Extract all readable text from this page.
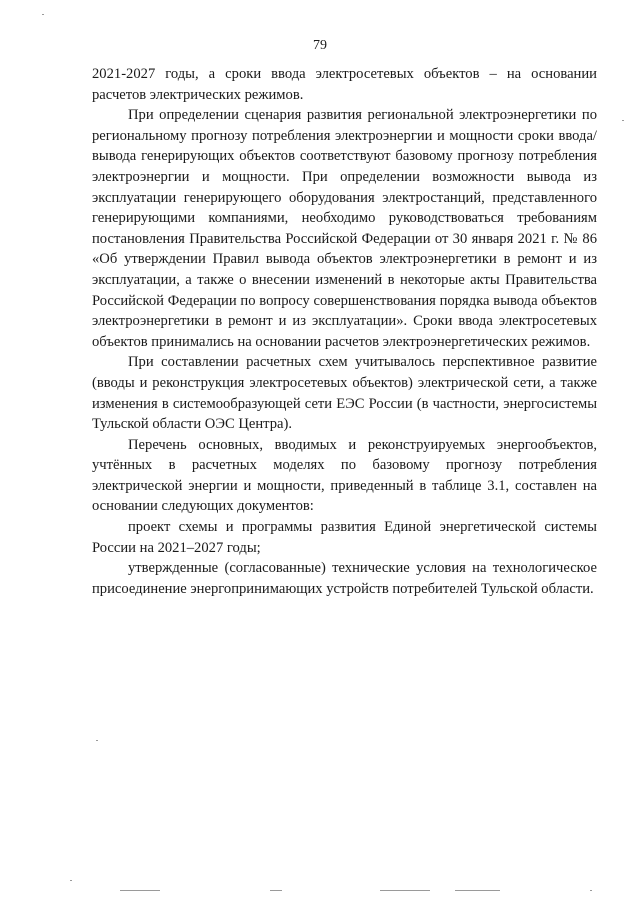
79

2021-2027 годы, а сроки ввода электросетевых объектов – на основании расчетов электрических режимов.

При определении сценария развития региональной электроэнергетики по региональному прогнозу потребления электроэнергии и мощности сроки ввода/вывода генерирующих объектов соответствуют базовому прогнозу потребления электроэнергии и мощности. При определении возможности вывода из эксплуатации генерирующего оборудования электростанций, представленного генерирующими компаниями, необходимо руководствоваться требованиям постановления Правительства Российской Федерации от 30 января 2021 г. № 86 «Об утверждении Правил вывода объектов электроэнергетики в ремонт и из эксплуатации, а также о внесении изменений в некоторые акты Правительства Российской Федерации по вопросу совершенствования порядка вывода объектов электроэнергетики в ремонт и из эксплуатации». Сроки ввода электросетевых объектов принимались на основании расчетов электроэнергетических режимов.

При составлении расчетных схем учитывалось перспективное развитие (вводы и реконструкция электросетевых объектов) электрической сети, а также изменения в системообразующей сети ЕЭС России (в частности, энергосистемы Тульской области ОЭС Центра).

Перечень основных, вводимых и реконструируемых энергообъектов, учтённых в расчетных моделях по базовому прогнозу потребления электрической энергии и мощности, приведенный в таблице 3.1, составлен на основании следующих документов:

проект схемы и программы развития Единой энергетической системы России на 2021–2027 годы;

утвержденные (согласованные) технические условия на технологическое присоединение энергопринимающих устройств потребителей Тульской области.
